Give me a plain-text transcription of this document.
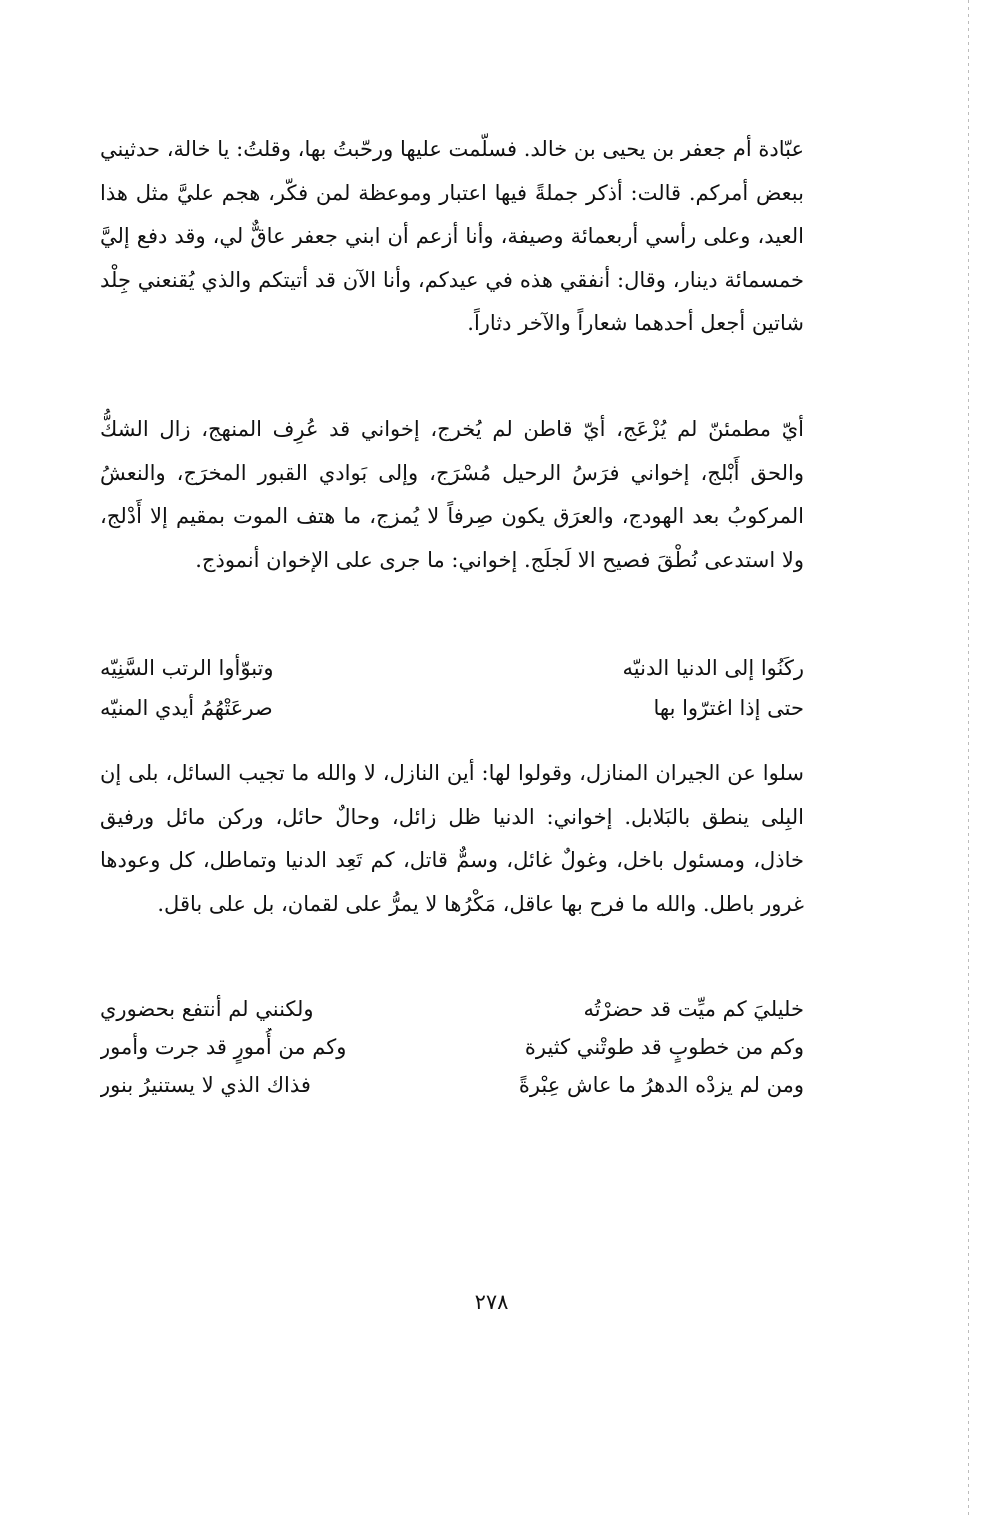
عبّادة أم جعفر بن يحيى بن خالد. فسلّمت عليها ورحّبتُ بها، وقلتُ: يا خالة، حدثيني ببعض أمركم. قالت: أذكر جملةً فيها اعتبار وموعظة لمن فكّر، هجم عليَّ مثل هذا العيد، وعلى رأسي أربعمائة وصيفة، وأنا أزعم أن ابني جعفر عاقٌّ لي، وقد دفع إليَّ خمسمائة دينار، وقال: أنفقي هذه في عيدكم، وأنا الآن قد أتيتكم والذي يُقنعني جِلْد شاتين أجعل أحدهما شعاراً والآخر دثاراً.

أيّ مطمئنّ لم يُزْعَج، أيّ قاطن لم يُخرج، إخواني قد عُرِف المنهج، زال الشكُّ والحق أَبْلج، إخواني فرَسُ الرحيل مُسْرَج، وإلى بَوادي القبور المخرَج، والنعشُ المركوبُ بعد الهودج، والعرَق يكون صِرفاً لا يُمزج، ما هتف الموت بمقيم إلا أَدْلج، ولا استدعى نُطْقَ فصيح الا لَجلَج. إخواني: ما جرى على الإخوان أنموذج.

ركَنُوا إلى الدنيا الدنيّه
وتبوّأوا الرتب السَّنِيّه
حتى إذا اغترّوا بها
صرعَتْهُمُ أيدي المنيّه

سلوا عن الجيران المنازل، وقولوا لها: أين النازل، لا والله ما تجيب السائل، بلى إن البِلى ينطق بالبَلابل. إخواني: الدنيا ظل زائل، وحالٌ حائل، وركن مائل ورفيق خاذل، ومسئول باخل، وغولٌ غائل، وسمٌّ قاتل، كم تَعِد الدنيا وتماطل، كل وعودها غرور باطل. والله ما فرح بها عاقل، مَكْرُها لا يمرُّ على لقمان، بل على باقل.

خليليَ كم ميِّت قد حضرْتُه
ولكنني لم أنتفع بحضوري
وكم من خطوبٍ قد طوتْني كثيرة
وكم من أُمورٍ قد جرت وأمور
ومن لم يزدْه الدهرُ ما عاش عِبْرةً
فذاك الذي لا يستنيرُ بنور
٢٧٨
